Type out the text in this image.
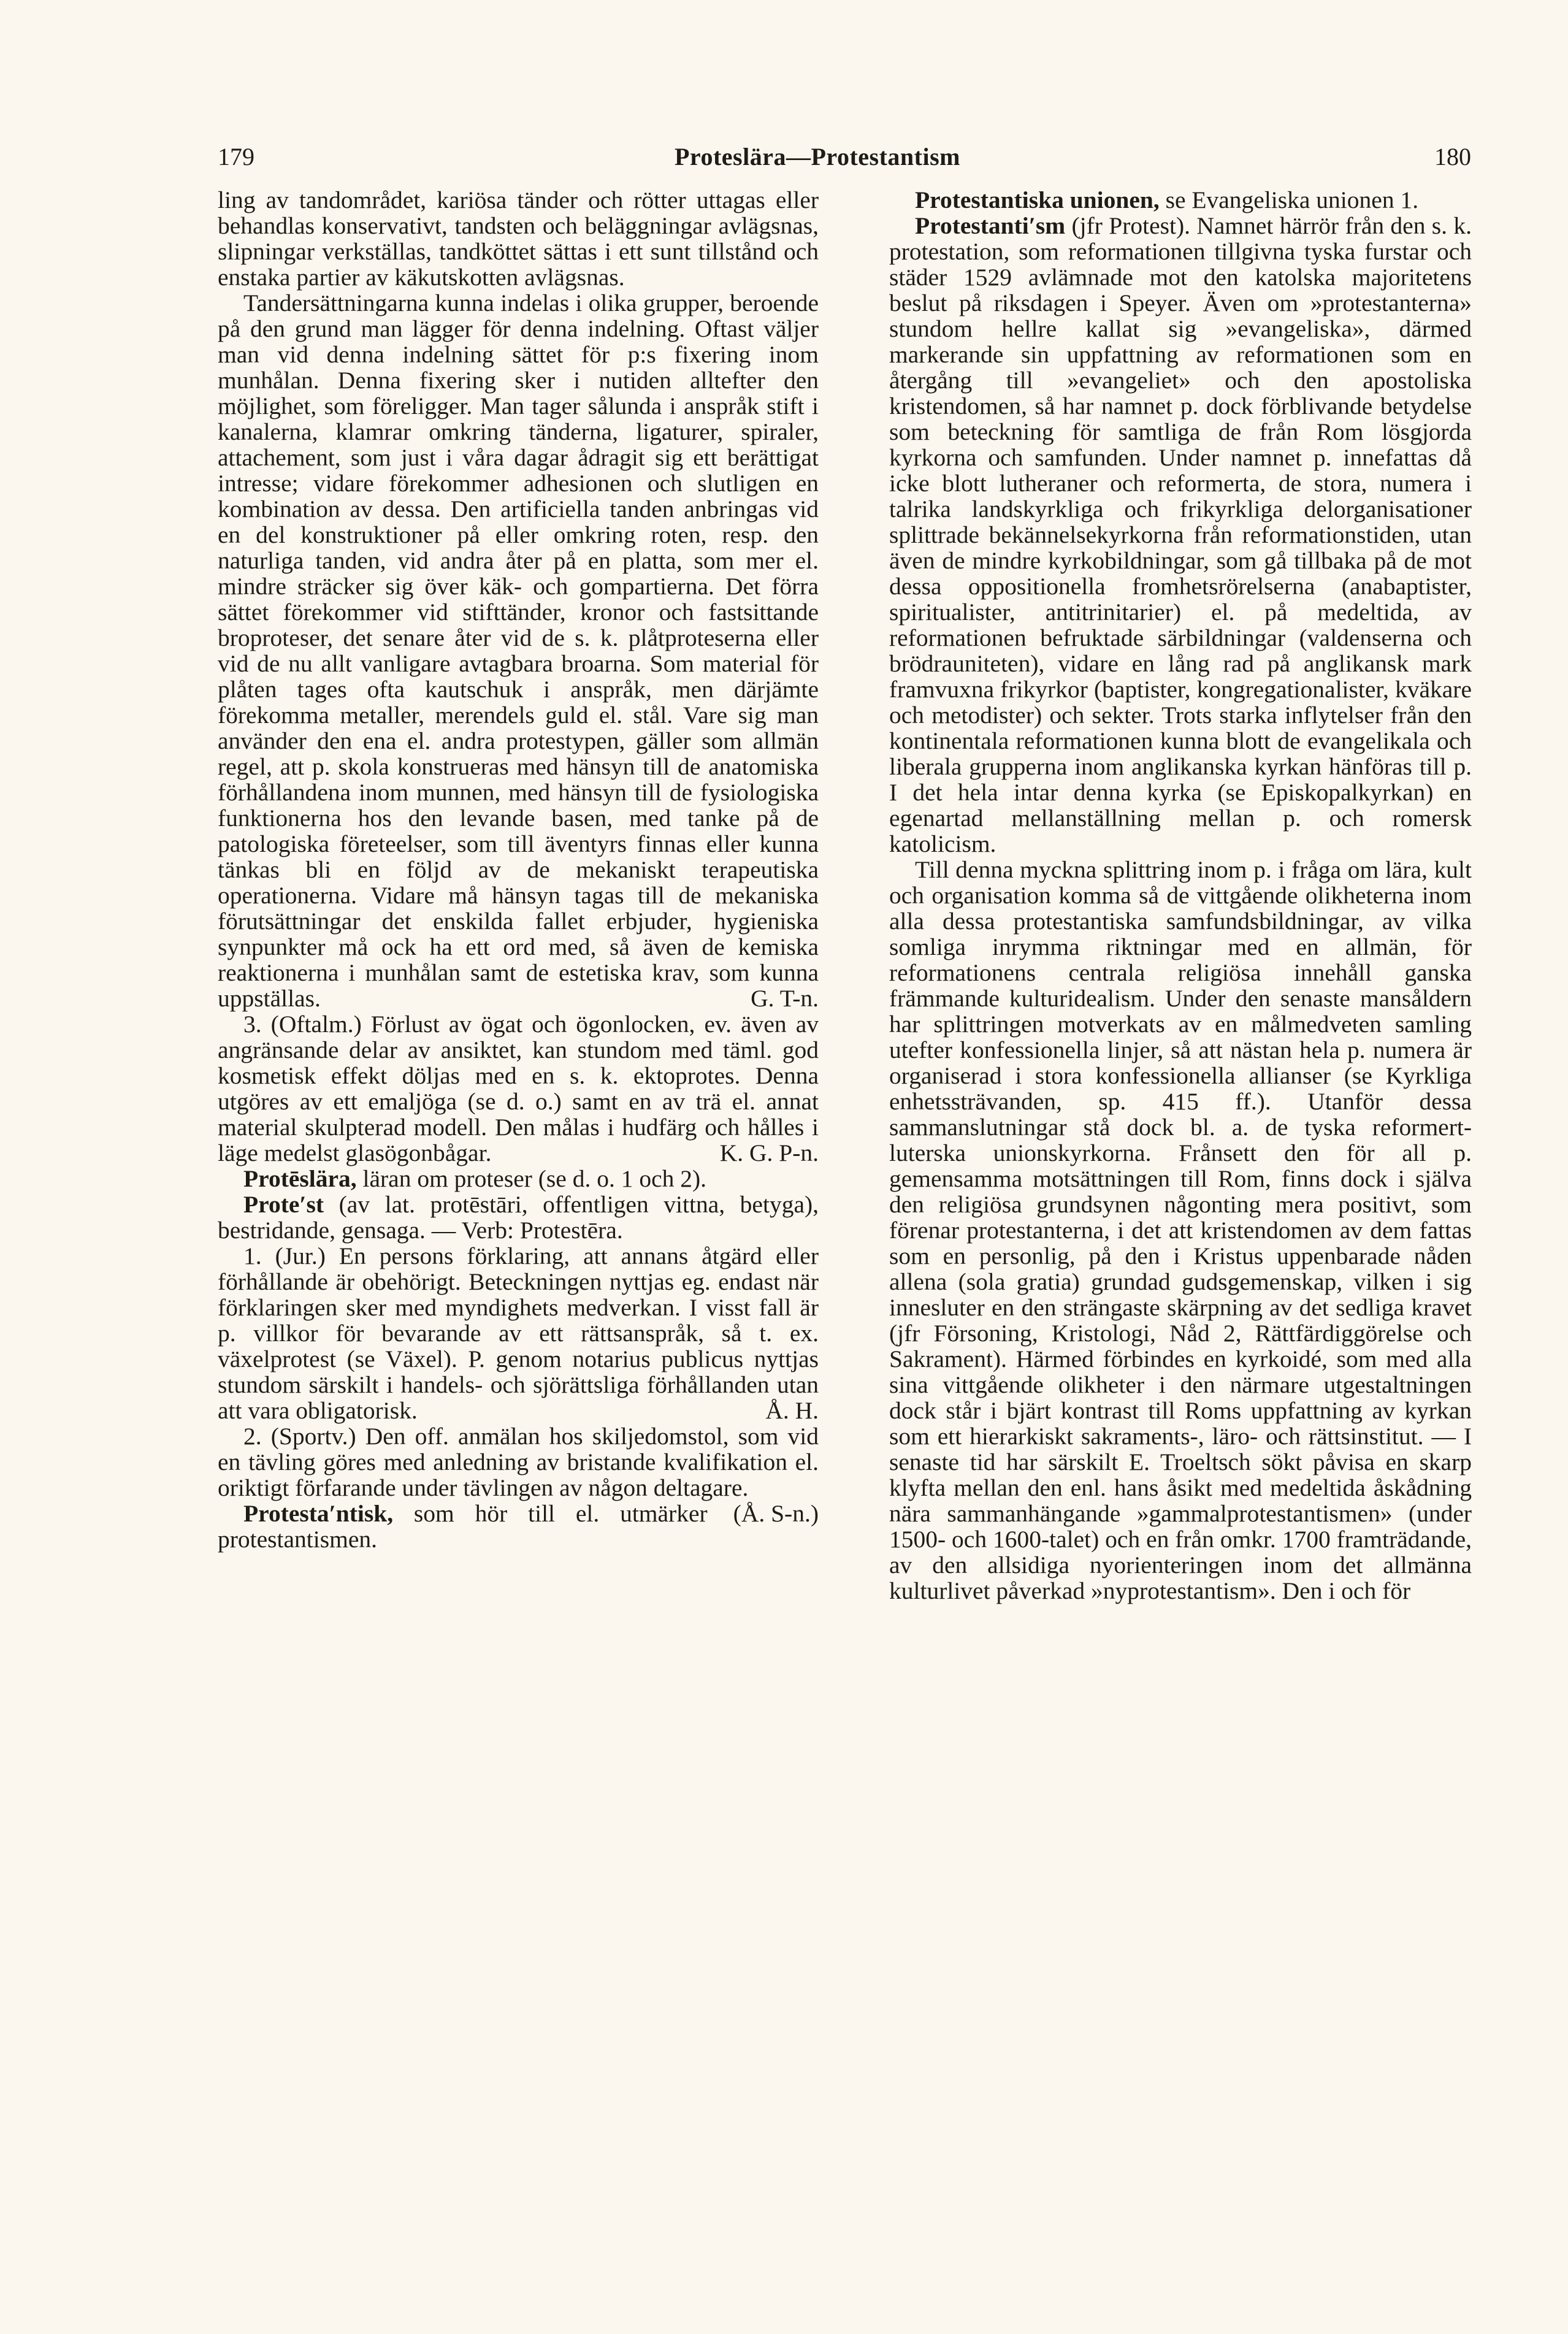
179	Proteslära—Protestantism	180

ling av tandområdet, kariösa tänder och rötter uttagas eller behandlas konservativt, tandsten och beläggningar avlägsnas, slipningar verkställas, tandköttet sättas i ett sunt tillstånd och enstaka partier av käkutskotten avlägsnas.

Tandersättningarna kunna indelas i olika grupper, beroende på den grund man lägger för denna indelning. Oftast väljer man vid denna indelning sättet för p:s fixering inom munhålan. Denna fixering sker i nutiden alltefter den möjlighet, som föreligger. Man tager sålunda i anspråk stift i kanalerna, klamrar omkring tänderna, ligaturer, spiraler, attachement, som just i våra dagar ådragit sig ett berättigat intresse; vidare förekommer adhesionen och slutligen en kombination av dessa. Den artificiella tanden anbringas vid en del konstruktioner på eller omkring roten, resp. den naturliga tanden, vid andra åter på en platta, som mer el. mindre sträcker sig över käk- och gompartierna. Det förra sättet förekommer vid stifttänder, kronor och fastsittande broproteser, det senare åter vid de s. k. plåtproteserna eller vid de nu allt vanligare avtagbara broarna. Som material för plåten tages ofta kautschuk i anspråk, men därjämte förekomma metaller, merendels guld el. stål. Vare sig man använder den ena el. andra protestypen, gäller som allmän regel, att p. skola konstrueras med hänsyn till de anatomiska förhållandena inom munnen, med hänsyn till de fysiologiska funktionerna hos den levande basen, med tanke på de patologiska företeelser, som till äventyrs finnas eller kunna tänkas bli en följd av de mekaniskt terapeutiska operationerna. Vidare må hänsyn tagas till de mekaniska förutsättningar det enskilda fallet erbjuder, hygieniska synpunkter må ock ha ett ord med, så även de kemiska reaktionerna i munhålan samt de estetiska krav, som kunna uppställas.	G. T-n.

3. (Oftalm.) Förlust av ögat och ögonlocken, ev. även av angränsande delar av ansiktet, kan stundom med täml. god kosmetisk effekt döljas med en s. k. ektoprotes. Denna utgöres av ett emaljöga (se d. o.) samt en av trä el. annat material skulpterad modell. Den målas i hudfärg och hålles i läge medelst glasögonbågar.	K. G. P-n.

Protēslära, läran om proteser (se d. o. 1 och 2).

Prote′st (av lat. protēstāri, offentligen vittna, betyga), bestridande, gensaga. — Verb: Protestēra.

1. (Jur.) En persons förklaring, att annans åtgärd eller förhållande är obehörigt. Beteckningen nyttjas eg. endast när förklaringen sker med myndighets medverkan. I visst fall är p. villkor för bevarande av ett rättsanspråk, så t. ex. växelprotest (se Växel). P. genom notarius publicus nyttjas stundom särskilt i handels- och sjörättsliga förhållanden utan att vara obligatorisk.	Å. H.

2. (Sportv.) Den off. anmälan hos skiljedomstol, som vid en tävling göres med anledning av bristande kvalifikation el. oriktigt förfarande under tävlingen av någon deltagare.
(Å. S-n.)

Protesta′ntisk, som hör till el. utmärker protestantismen.

Protestantiska unionen, se Evangeliska unionen 1.

Protestanti′sm (jfr Protest). Namnet härrör från den s. k. protestation, som reformationen tillgivna tyska furstar och städer 1529 avlämnade mot den katolska majoritetens beslut på riksdagen i Speyer. Även om »protestanterna» stundom hellre kallat sig »evangeliska», därmed markerande sin uppfattning av reformationen som en återgång till »evangeliet» och den apostoliska kristendomen, så har namnet p. dock förblivande betydelse som beteckning för samtliga de från Rom lösgjorda kyrkorna och samfunden. Under namnet p. innefattas då icke blott lutheraner och reformerta, de stora, numera i talrika landskyrkliga och frikyrkliga delorganisationer splittrade bekännelsekyrkorna från reformationstiden, utan även de mindre kyrkobildningar, som gå tillbaka på de mot dessa oppositionella fromhetsrörelserna (anabaptister, spiritualister, antitrinitarier) el. på medeltida, av reformationen befruktade särbildningar (valdenserna och brödrauniteten), vidare en lång rad på anglikansk mark framvuxna frikyrkor (baptister, kongregationalister, kväkare och metodister) och sekter. Trots starka inflytelser från den kontinentala reformationen kunna blott de evangelikala och liberala grupperna inom anglikanska kyrkan hänföras till p. I det hela intar denna kyrka (se Episkopalkyrkan) en egenartad mellanställning mellan p. och romersk katolicism.

Till denna myckna splittring inom p. i fråga om lära, kult och organisation komma så de vittgående olikheterna inom alla dessa protestantiska samfundsbildningar, av vilka somliga inrymma riktningar med en allmän, för reformationens centrala religiösa innehåll ganska främmande kulturidealism. Under den senaste mansåldern har splittringen motverkats av en målmedveten samling utefter konfessionella linjer, så att nästan hela p. numera är organiserad i stora konfessionella allianser (se Kyrkliga enhetssträvanden, sp. 415 ff.). Utanför dessa sammanslutningar stå dock bl. a. de tyska reformert-luterska unionskyrkorna. Frånsett den för all p. gemensamma motsättningen till Rom, finns dock i själva den religiösa grundsynen någonting mera positivt, som förenar protestanterna, i det att kristendomen av dem fattas som en personlig, på den i Kristus uppenbarade nåden allena (sola gratia) grundad gudsgemenskap, vilken i sig innesluter en den strängaste skärpning av det sedliga kravet (jfr Försoning, Kristologi, Nåd 2, Rättfärdiggörelse och Sakrament). Härmed förbindes en kyrkoidé, som med alla sina vittgående olikheter i den närmare utgestaltningen dock står i bjärt kontrast till Roms uppfattning av kyrkan som ett hierarkiskt sakraments-, läro- och rättsinstitut. — I senaste tid har särskilt E. Troeltsch sökt påvisa en skarp klyfta mellan den enl. hans åsikt med medeltida åskådning nära sammanhängande »gammalprotestantismen» (under 1500- och 1600-talet) och en från omkr. 1700 framträdande, av den allsidiga nyorienteringen inom det allmänna kulturlivet påverkad »nyprotestantism». Den i och för
